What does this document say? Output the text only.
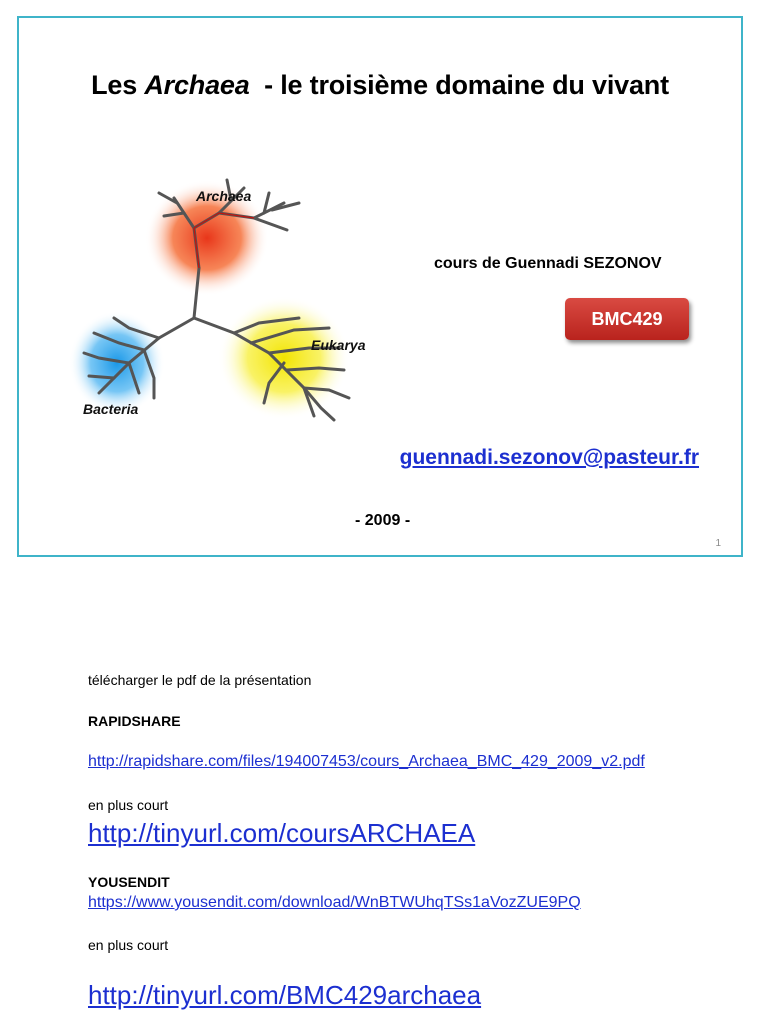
Les Archaea  - le troisième domaine du vivant
Archaea
Bacteria
Eukarya
cours de Guennadi SEZONOV
BMC429
guennadi.sezonov@pasteur.fr
- 2009 -
1
télécharger le pdf de la présentation
RAPIDSHARE
http://rapidshare.com/files/194007453/cours_Archaea_BMC_429_2009_v2.pdf
en plus court
http://tinyurl.com/coursARCHAEA
YOUSENDIT
https://www.yousendit.com/download/WnBTWUhqTSs1aVozZUE9PQ
en plus court
http://tinyurl.com/BMC429archaea
